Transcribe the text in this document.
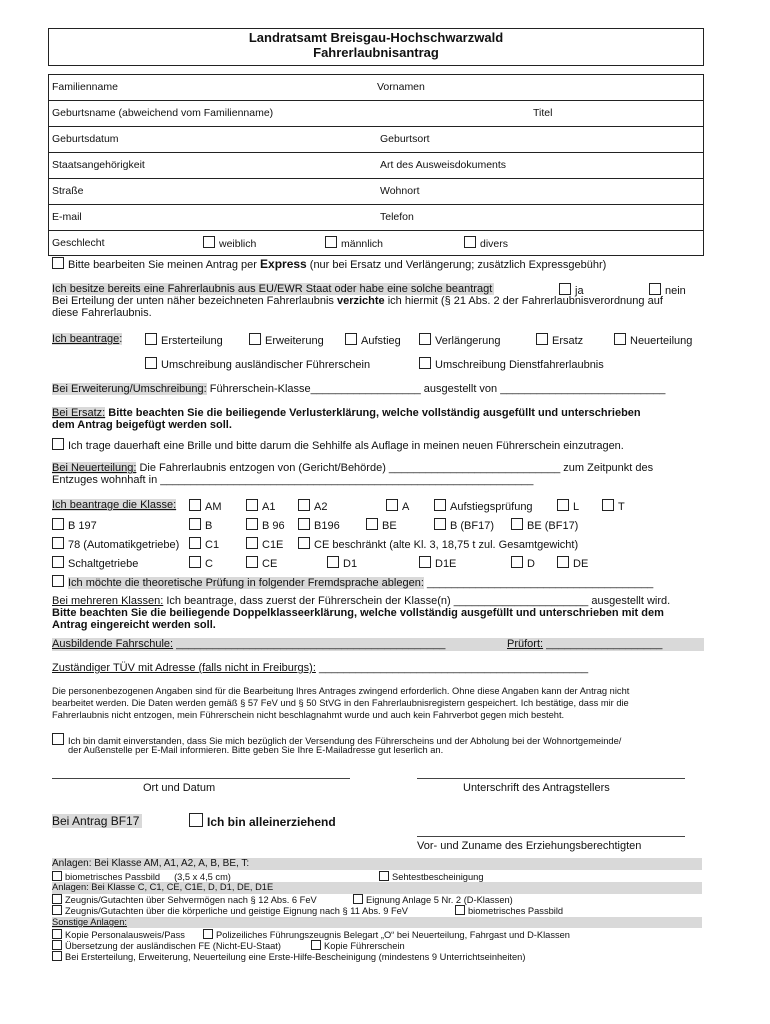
Landratsamt Breisgau-Hochschwarzwald
Fahrerlaubnisantrag
Familienname	Vornamen
Geburtsname (abweichend vom Familienname)	Titel
Geburtsdatum	Geburtsort
Staatsangehörigkeit	Art des Ausweisdokuments
Straße	Wohnort
E-mail	Telefon
Geschlecht	weiblich	männlich	divers
Bitte bearbeiten Sie meinen Antrag per Express (nur bei Ersatz und Verlängerung; zusätzlich Expressgebühr)
Ich besitze bereits eine Fahrerlaubnis aus EU/EWR Staat oder habe eine solche beantragt	ja	nein
Bei Erteilung der unten näher bezeichneten Fahrerlaubnis verzichte ich hiermit (§ 21 Abs. 2 der Fahrerlaubnisverordnung auf
diese Fahrerlaubnis.
Ich beantrage:	Ersterteilung	Erweiterung	Aufstieg	Verlängerung	Ersatz	Neuerteilung
Umschreibung ausländischer Führerschein	Umschreibung Dienstfahrerlaubnis
Bei Erweiterung/Umschreibung: Führerschein-Klasse__________________ ausgestellt von ___________________________
Bei Ersatz: Bitte beachten Sie die beiliegende Verlusterklärung, welche vollständig ausgefüllt und unterschrieben
dem Antrag beigefügt werden soll.
Ich trage dauerhaft eine Brille und bitte darum die Sehhilfe als Auflage in meinen neuen Führerschein einzutragen.
Bei Neuerteilung: Die Fahrerlaubnis entzogen von (Gericht/Behörde) ____________________________ zum Zeitpunkt des
Entzuges wohnhaft in _____________________________________________________________
Ich beantrage die Klasse:	AM	A1	A2	A	Aufstiegsprüfung	L	T
B 197	B	B 96	B196	BE	B (BF17)	BE (BF17)
78 (Automatikgetriebe)	C1	C1E	CE beschränkt (alte Kl. 3, 18,75 t zul. Gesamtgewicht)
Schaltgetriebe	C	CE	D1	D1E	D	DE
Ich möchte die theoretische Prüfung in folgender Fremdsprache ablegen: _____________________________________
Bei mehreren Klassen: Ich beantrage, dass zuerst der Führerschein der Klasse(n) ______________________ ausgestellt wird.
Bitte beachten Sie die beiliegende Doppelklasseerklärung, welche vollständig ausgefüllt und unterschrieben mit dem
Antrag eingereicht werden soll.
Ausbildende Fahrschule: ____________________________________________	Prüfort: ___________________
Zuständiger TÜV mit Adresse (falls nicht in Freiburgs): ____________________________________________
Die personenbezogenen Angaben sind für die Bearbeitung Ihres Antrages zwingend erforderlich. Ohne diese Angaben kann der Antrag nicht
bearbeitet werden. Die Daten werden gemäß § 57 FeV und § 50 StVG in den Fahrerlaubnisregistern gespeichert. Ich bestätige, dass mir die
Fahrerlaubnis nicht entzogen, mein Führerschein nicht beschlagnahmt wurde und auch kein Fahrverbot gegen mich besteht.
Ich bin damit einverstanden, dass Sie mich bezüglich der Versendung des Führerscheins und der Abholung bei der Wohnortgemeinde/
der Außenstelle per E-Mail informieren. Bitte geben Sie Ihre E-Mailadresse gut leserlich an.
Ort und Datum	Unterschrift des Antragstellers
Bei Antrag BF17	Ich bin alleinerziehend
Vor- und Zuname des Erziehungsberechtigten
Anlagen: Bei Klasse AM, A1, A2, A, B, BE, T:
biometrisches Passbild (3,5 x 4,5 cm)	Sehtestbescheinigung
Anlagen: Bei Klasse C, C1, CE, C1E, D, D1, DE, D1E
Zeugnis/Gutachten über Sehvermögen nach § 12 Abs. 6 FeV	Eignung Anlage 5 Nr. 2 (D-Klassen)
Zeugnis/Gutachten über die körperliche und geistige Eignung nach § 11 Abs. 9 FeV	biometrisches Passbild
Sonstige Anlagen:
Kopie Personalausweis/Pass	Polizeiliches Führungszeugnis Belegart „O“ bei Neuerteilung, Fahrgast und D-Klassen
Übersetzung der ausländischen FE (Nicht-EU-Staat)	Kopie Führerschein
Bei Ersterteilung, Erweiterung, Neuerteilung eine Erste-Hilfe-Bescheinigung (mindestens 9 Unterrichtseinheiten)
